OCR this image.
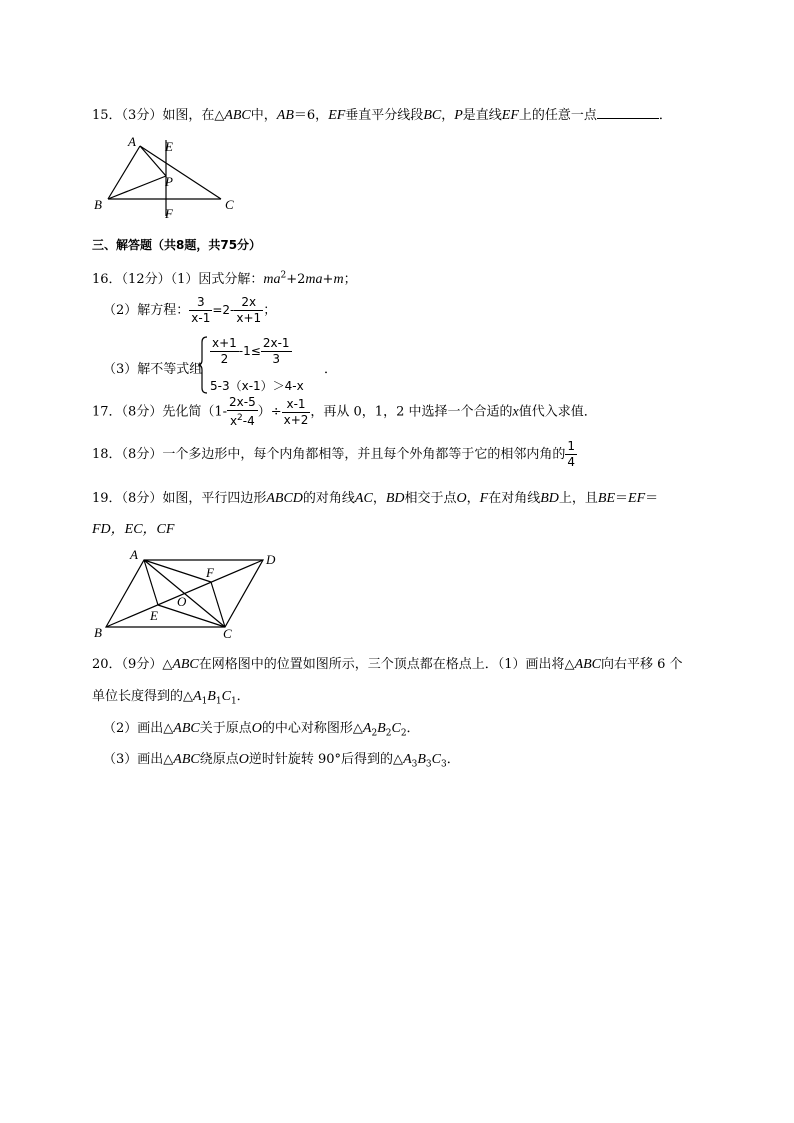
15．（3分）如图，在△ABC中，AB＝6，EF垂直平分线段BC，P是直线EF上的任意一点	．
A E
P
B	C
F
三、解答题（共8题，共75分）
16．（12分）（1）因式分解：$ma^2+2ma+m$；
（2）解方程： $\frac{3}{x-1} =2- \frac{2x}{x+1}$ ；
（3）解不等式组
$\frac{x+1}{2} -1\le \frac{2x-1}{3}$
5-3（x-1）＞4-x
．
17．（8分）先化简（$1- \frac{2x-5}{x^2-4}$ ）÷ $\frac{x-1}{x+2}$ ，再从 0，1，2 中选择一个合适的x值代入求值．
18．（8分）一个多边形中，每个内角都相等，并且每个外角都等于它的相邻内角的 $\frac{1}{4}$
19．（8分）如图，平行四边形ABCD的对角线AC，BD相交于点O，F在对角线BD上，且BE＝EF＝
FD，EC，CF
A	D
F
O
E
B	C
20．（9分）△ABC在网格图中的位置如图所示，三个顶点都在格点上．（1）画出将△ABC向右平移 6 个
单位长度得到的$\triangle A_1B_1C_1$．
（2）画出△ABC关于原点O的中心对称图形$\triangle A_2B_2C_2$．
（3）画出△ABC绕原点O逆时针旋转 90°后得到的$\triangle A_3B_3C_3$．
